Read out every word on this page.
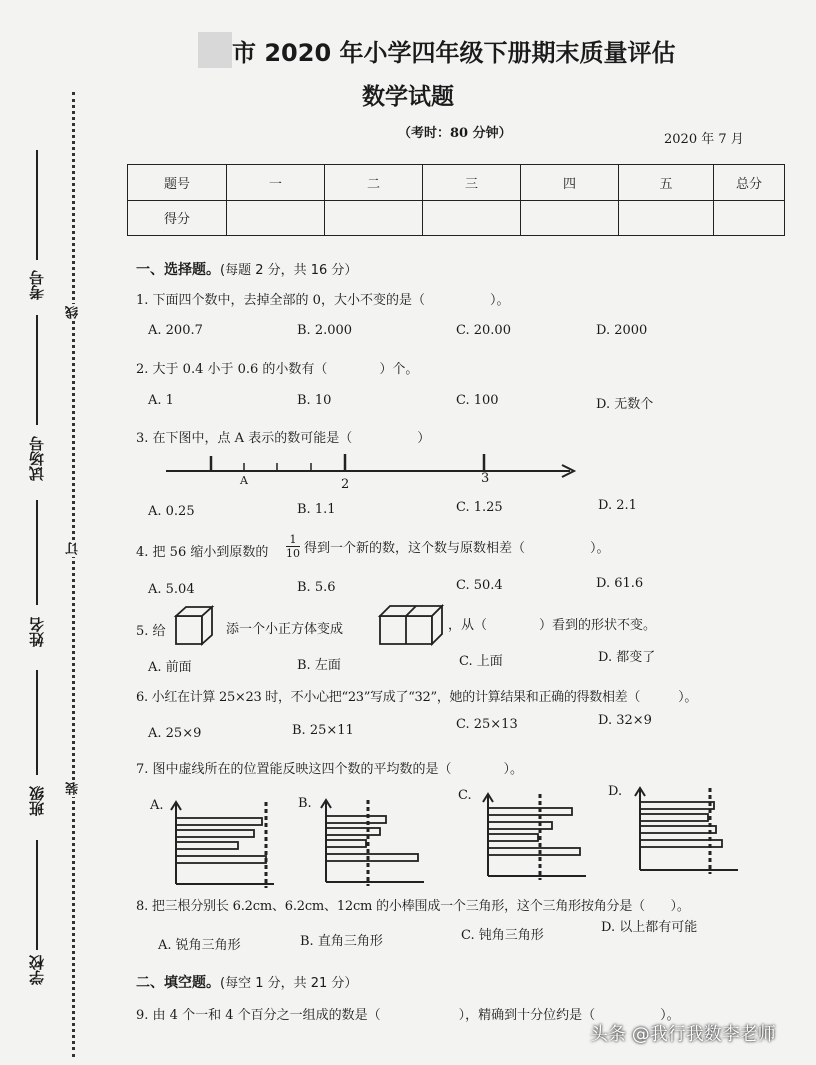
考号
试场号
姓名
班级
学校
线
订
装
市 2020 年小学四年级下册期末质量评估
数学试题
（考时：80 分钟）	2020 年 7 月
题号	一	二	三	四	五	总分
得分						
一、选择题。(每题 2 分，共 16 分）
1. 下面四个数中，去掉全部的 0，大小不变的是（　　　　　）。
A. 200.7	B. 2.000	C. 20.00	D. 2000
2. 大于 0.4 小于 0.6 的小数有（　　　　）个。
A. 1	B. 10	C. 100	D. 无数个
3. 在下图中，点 A 表示的数可能是（　　　　　）
A	2	3
A. 0.25	B. 1.1	C. 1.25	D. 2.1
4. 把 56 缩小到原数的 $\frac{1}{10}$ 得到一个新的数，这个数与原数相差（　　　　　）。
A. 5.04	B. 5.6	C. 50.4	D. 61.6
5. 给	添一个小正方体变成	，从（　　　　）看到的形状不变。
A. 前面	B. 左面	C. 上面	D. 都变了
6. 小红在计算 25×23 时，不小心把“23”写成了“32”，她的计算结果和正确的得数相差（　　　）。
A. 25×9	B. 25×11	C. 25×13	D. 32×9
7. 图中虚线所在的位置能反映这四个数的平均数的是（　　　　）。
A.	B.
C.	D.
8. 把三根分别长 6.2cm、6.2cm、12cm 的小棒围成一个三角形，这个三角形按角分是（　　）。
A. 锐角三角形	B. 直角三角形	C. 钝角三角形
D. 以上都有可能
二、填空题。(每空 1 分，共 21 分）
9. 由 4 个一和 4 个百分之一组成的数是（　　　　　　），精确到十分位约是（　　　　　）。
头条 @我行我数李老师
